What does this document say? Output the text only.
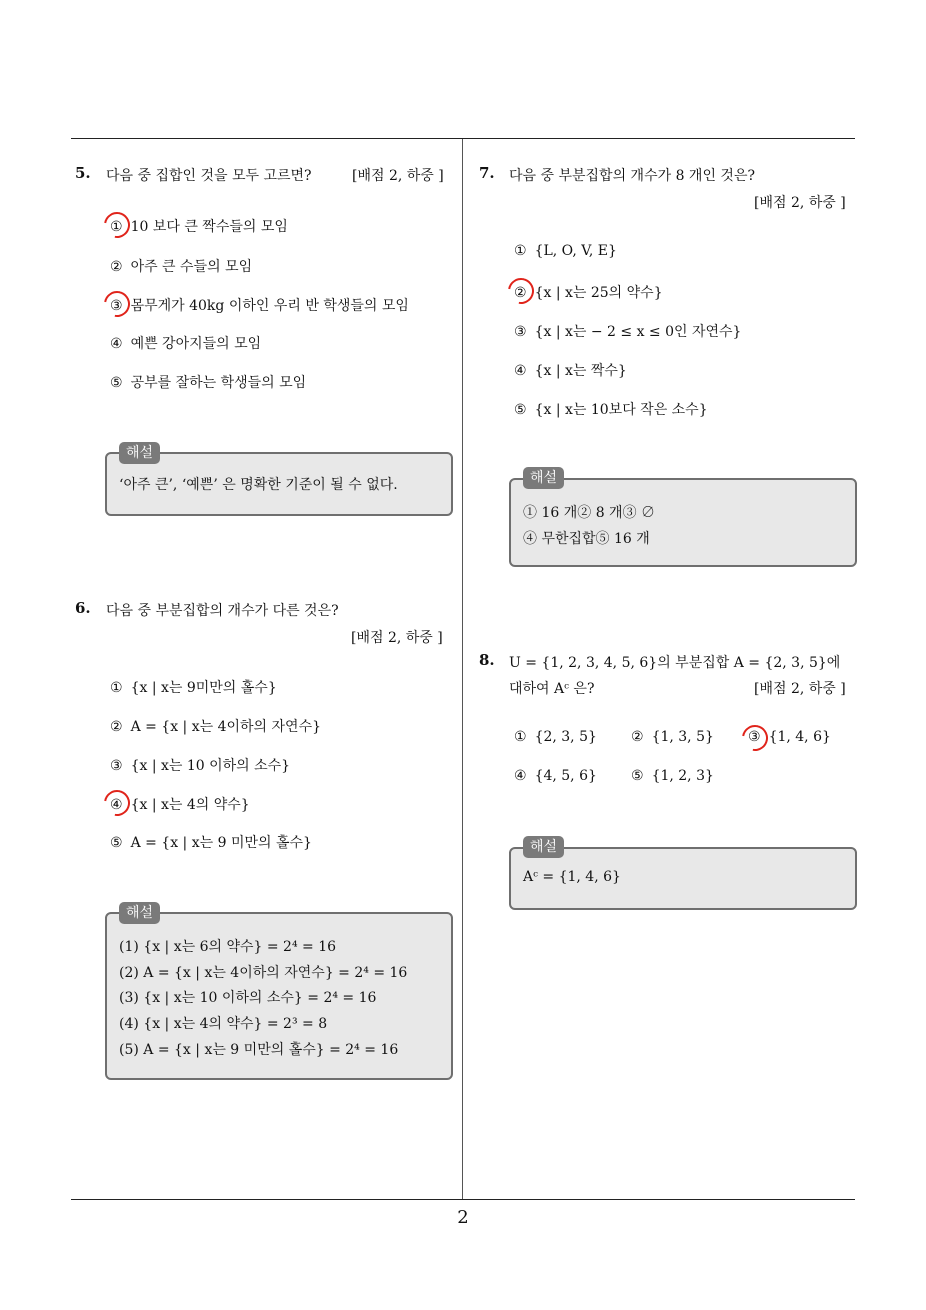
2
5. 다음 중 집합인 것을 모두 고르면?	[배점 2, 하중 ]
① 10 보다 큰 짝수들의 모임
② 아주 큰 수들의 모임
③ 몸무게가 40kg 이하인 우리 반 학생들의 모임
④ 예쁜 강아지들의 모임
⑤ 공부를 잘하는 학생들의 모임
‘아주 큰’, ‘예쁜’ 은 명확한 기준이 될 수 없다.
해설
6. 다음 중 부분집합의 개수가 다른 것은?
[배점 2, 하중 ]
① {x | x는 9미만의 홀수}
② A = {x | x는 4이하의 자연수}
③ {x | x는 10 이하의 소수}
④ {x | x는 4의 약수}
⑤ A = {x | x는 9 미만의 홀수}
(1) {x | x는 6의 약수} = 2⁴ = 16
(2) A = {x | x는 4이하의 자연수} = 2⁴ = 16
(3) {x | x는 10 이하의 소수} = 2⁴ = 16
(4) {x | x는 4의 약수} = 2³ = 8
(5) A = {x | x는 9 미만의 홀수} = 2⁴ = 16
해설
7. 다음 중 부분집합의 개수가 8 개인 것은?
[배점 2, 하중 ]
① {L, O, V, E}
② {x | x는 25의 약수}
③ {x | x는 − 2 ≤ x ≤ 0인 자연수}
④ {x | x는 짝수}
⑤ {x | x는 10보다 작은 소수}
① 16 개② 8 개③ ∅
④ 무한집합⑤ 16 개
해설
8. U = {1, 2, 3, 4, 5, 6}의 부분집합 A = {2, 3, 5}에
대하여 Aᶜ 은?	[배점 2, 하중 ]
① {2, 3, 5} ② {1, 3, 5} ③ {1, 4, 6}
④ {4, 5, 6} ⑤ {1, 2, 3}
Aᶜ = {1, 4, 6}
해설
